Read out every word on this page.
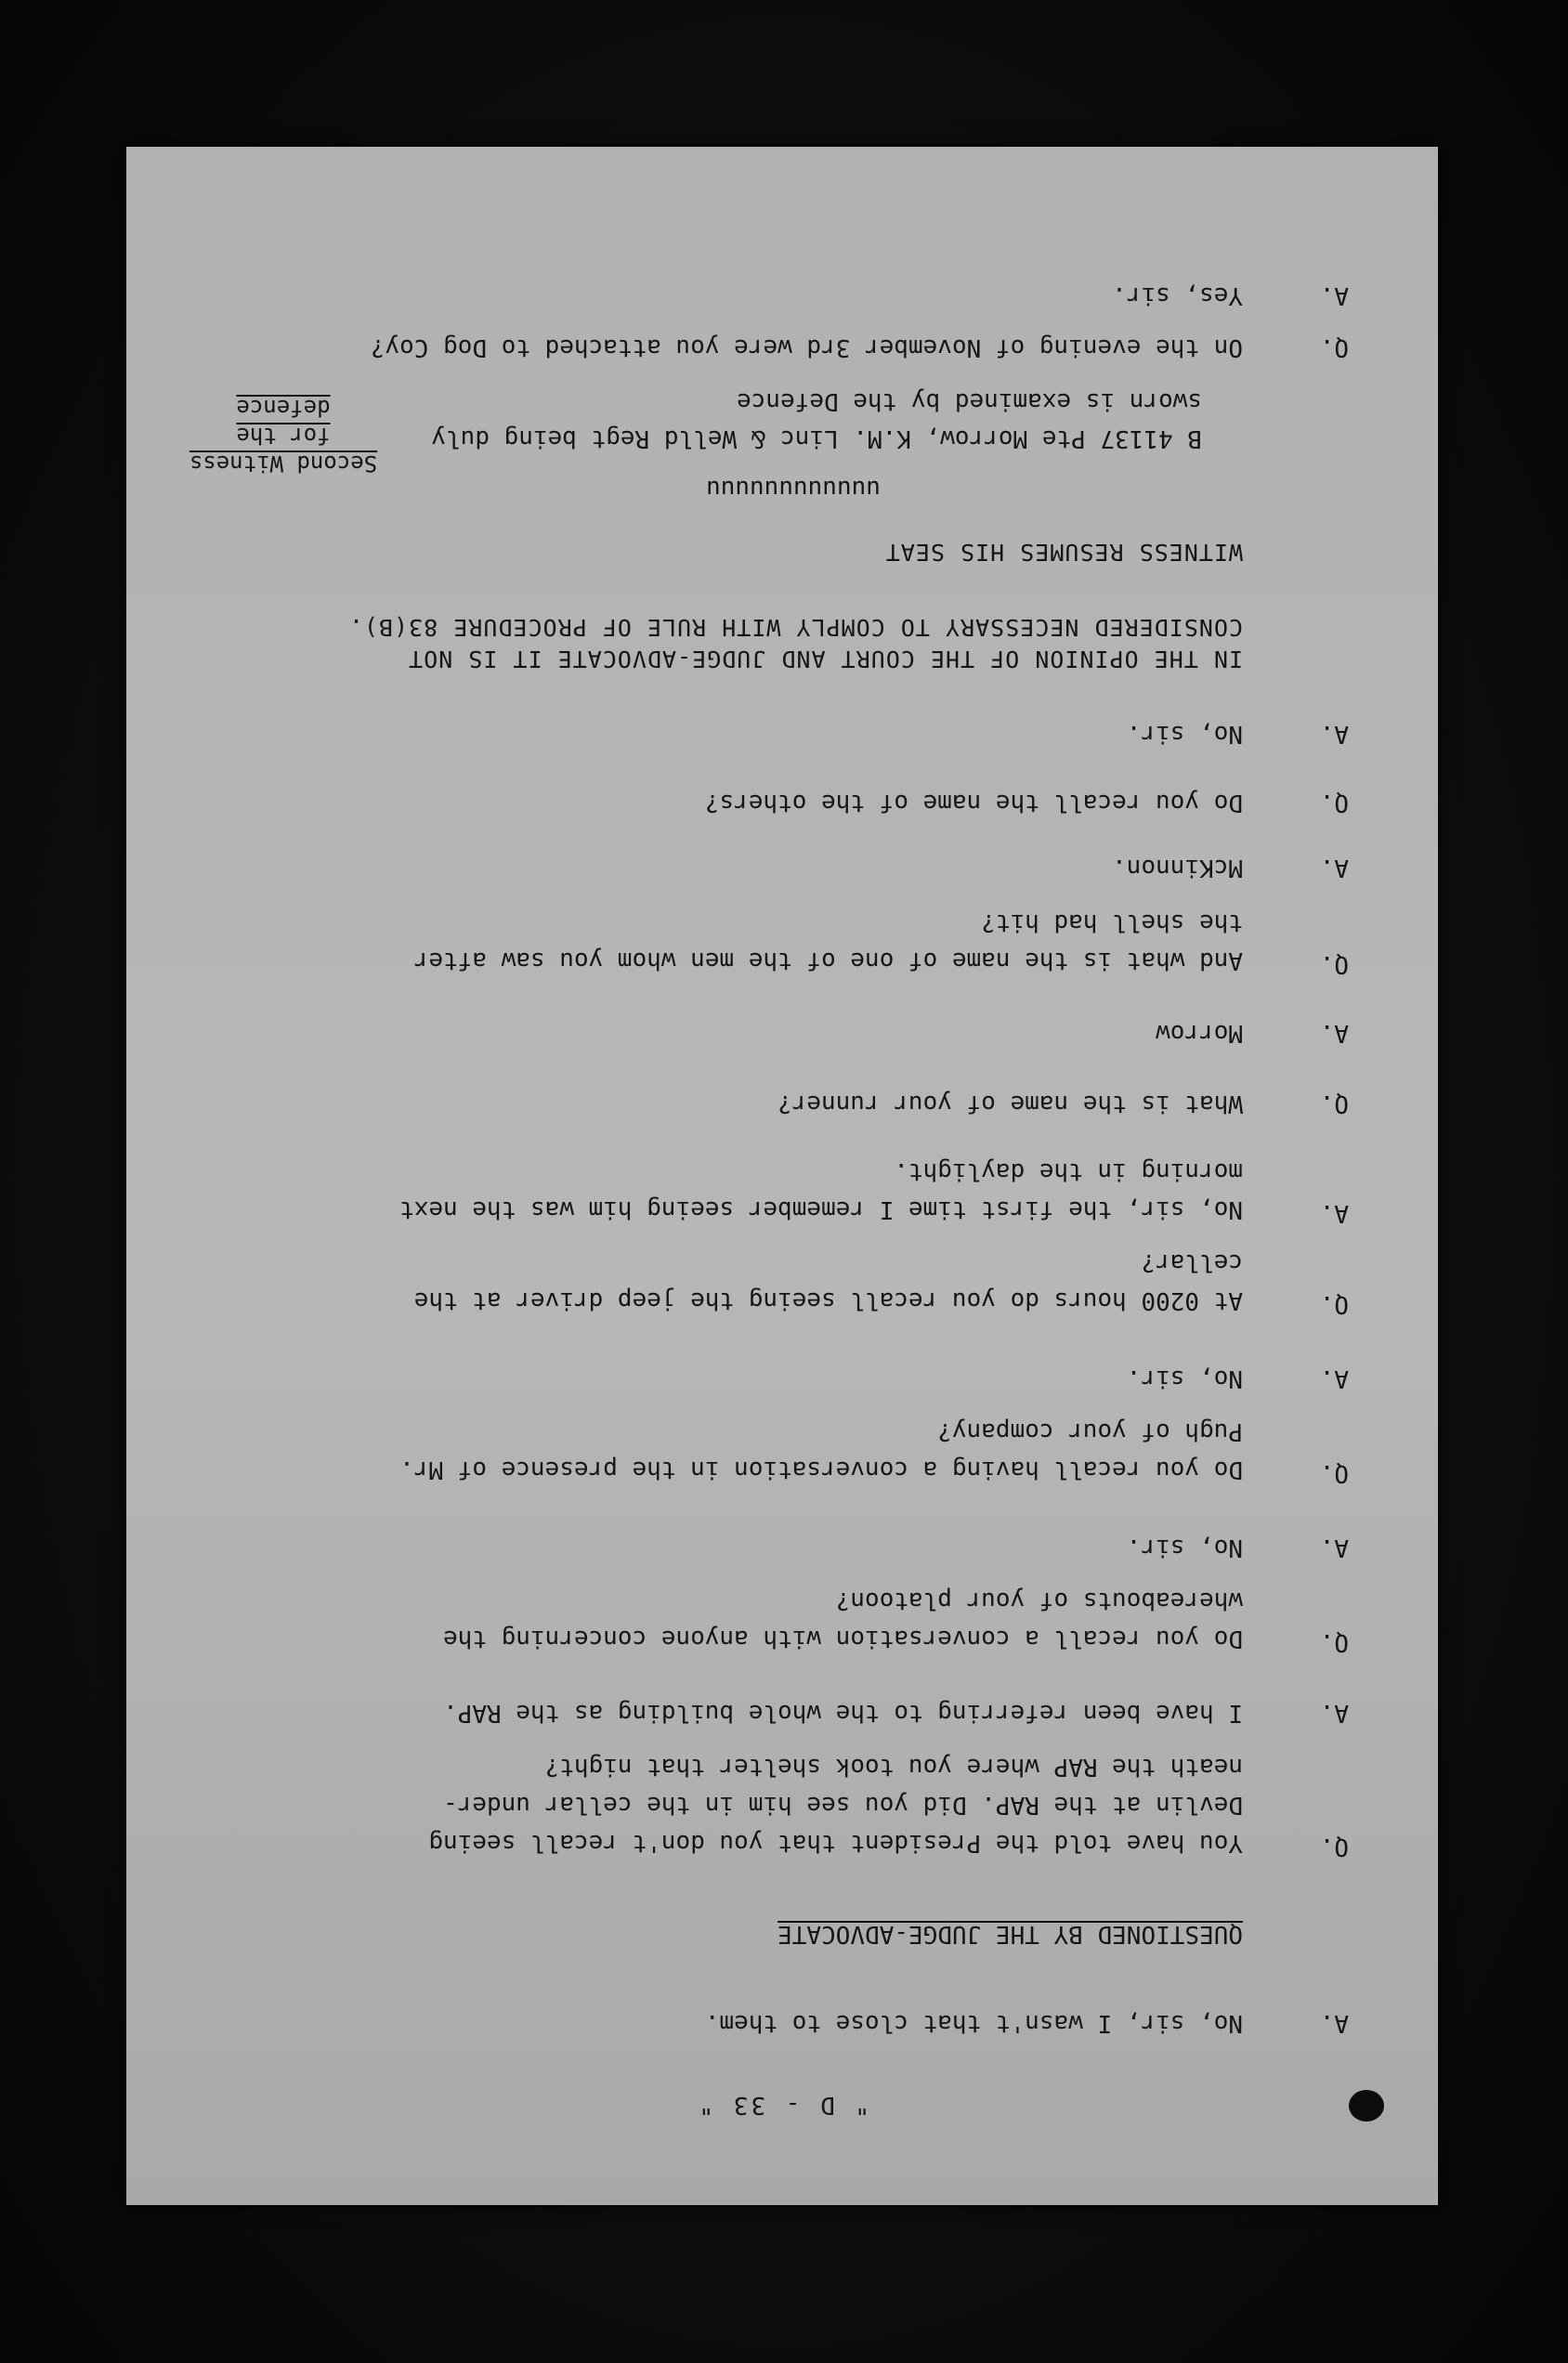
" D - 33 "
A.
No, sir, I wasn't that close to them.
QUESTIONED BY THE JUDGE-ADVOCATE
Q.
You have told the President that you don't recall seeing
Devlin at the RAP. Did you see him in the cellar under-
neath the RAP where you took shelter that night?
A.
I have been referring to the whole building as the RAP.
Q.
Do you recall a conversation with anyone concerning the
whereabouts of your platoon?
A.
No, sir.
Q.
Do you recall having a conversation in the presence of Mr.
Pugh of your company?
A.
No, sir.
Q.
At 0200 hours do you recall seeing the jeep driver at the
cellar?
A.
No, sir, the first time I remember seeing him was the next
morning in the daylight.
Q.
What is the name of your runner?
A.
Morrow
Q.
And what is the name of one of the men whom you saw after
the shell had hit?
A.
McKinnon.
Q.
Do you recall the name of the others?
A.
No, sir.
IN THE OPINION OF THE COURT AND JUDGE-ADVOCATE IT IS NOT
CONSIDERED NECESSARY TO COMPLY WITH RULE OF PROCEDURE 83(B).
WITNESS RESUMES HIS SEAT
uuuuuuuuuuuu
Second Witness
for the
defence
B 41137 Pte Morrow, K.M. Linc & Welld Regt being duly
sworn is examined by the Defence
Q.
On the evening of November 3rd were you attached to Dog Coy?
A.
Yes, sir.
